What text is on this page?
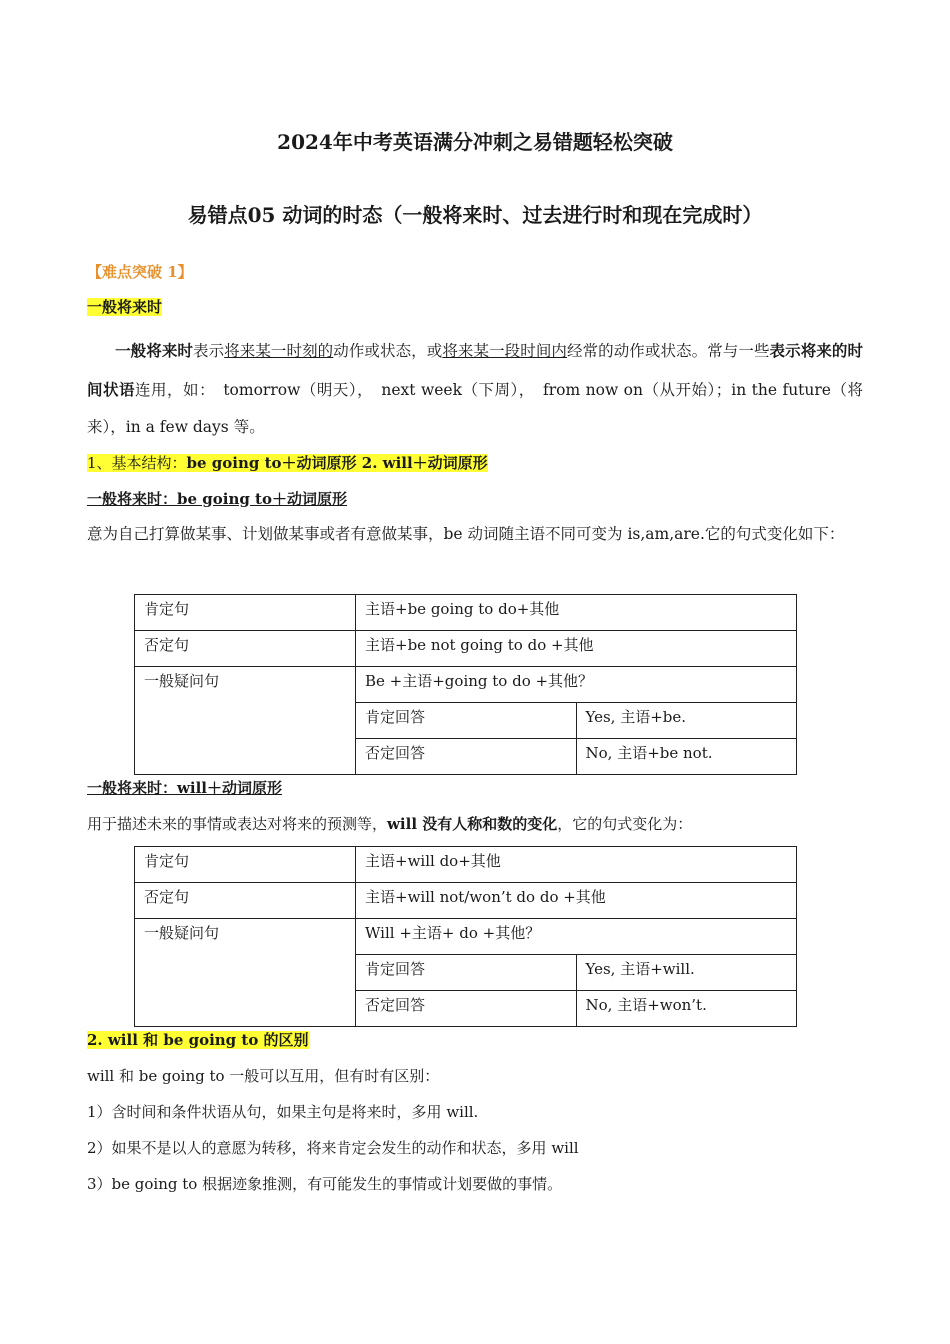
2024年中考英语满分冲刺之易错题轻松突破
易错点05 动词的时态（一般将来时、过去进行时和现在完成时）
【难点突破 1】
一般将来时
一般将来时表示将来某一时刻的动作或状态，或将来某一段时间内经常的动作或状态。常与一些表示将来的时间状语连用，如：　tomorrow（明天），　next week（下周），　from now on（从开始）；in the future（将来），in a few days 等。
1、基本结构：be going to＋动词原形 2. will＋动词原形
一般将来时：be going to＋动词原形
意为自己打算做某事、计划做某事或者有意做某事，be 动词随主语不同可变为 is,am,are.它的句式变化如下：
肯定句	主语+be going to do+其他	
否定句	主语+be not going to do +其他	
一般疑问句	Be +主语+going to do +其他？	
	肯定回答	Yes, 主语+be.
	否定回答	No, 主语+be not.
一般将来时：will＋动词原形
用于描述未来的事情或表达对将来的预测等，will 没有人称和数的变化，它的句式变化为：
肯定句	主语+will do+其他	
否定句	主语+will not/won’t do do +其他	
一般疑问句	Will +主语+ do +其他？	
	肯定回答	Yes, 主语+will.
	否定回答	No, 主语+won’t.
2. will 和 be going to 的区别
will 和 be going to 一般可以互用，但有时有区别：
1）含时间和条件状语从句，如果主句是将来时，多用 will.
2）如果不是以人的意愿为转移，将来肯定会发生的动作和状态，多用 will
3）be going to 根据迹象推测，有可能发生的事情或计划要做的事情。
